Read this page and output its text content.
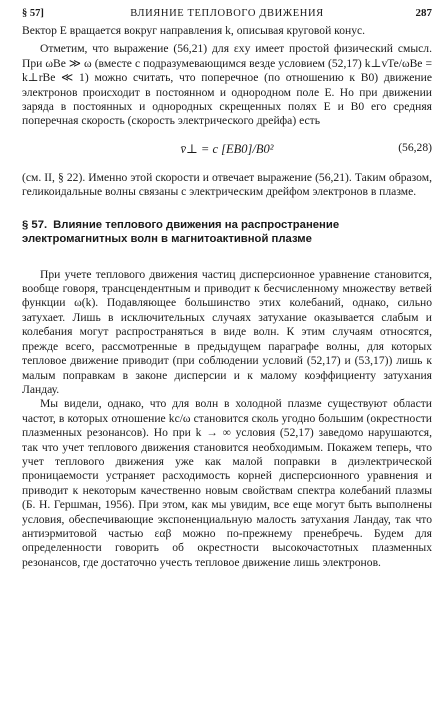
§ 57]	ВЛИЯНИЕ ТЕПЛОВОГО ДВИЖЕНИЯ	287

Вектор E вращается вокруг направления k, описывая круговой конус.

Отметим, что выражение (56,21) для εxy имеет простой физический смысл. При ωBe ≫ ω (вместе с подразумевающимся везде условием (52,17) k⊥vTe/ωBe = k⊥rBe ≪ 1) можно считать, что поперечное (по отношению к B0) движение электронов происходит в постоянном и однородном поле E. Но при движении заряда в постоянных и однородных скрещенных полях E и B0 его средняя поперечная скорость (скорость электрического дрейфа) есть

v̄⊥ = c [EB0]/B0²	(56,28)

(см. II, § 22). Именно этой скорости и отвечает выражение (56,21). Таким образом, геликоидальные волны связаны с электрическим дрейфом электронов в плазме.

§ 57. Влияние теплового движения на распространение электромагнитных волн в магнитоактивной плазме

При учете теплового движения частиц дисперсионное уравнение становится, вообще говоря, трансцендентным и приводит к бесчисленному множеству ветвей функции ω(k). Подавляющее большинство этих колебаний, однако, сильно затухает. Лишь в исключительных случаях затухание оказывается слабым и колебания могут распространяться в виде волн. К этим случаям относятся, прежде всего, рассмотренные в предыдущем параграфе волны, для которых тепловое движение приводит (при соблюдении условий (52,17) и (53,17)) лишь к малым поправкам в законе дисперсии и к малому коэффициенту затухания Ландау.

Мы видели, однако, что для волн в холодной плазме существуют области частот, в которых отношение kc/ω становится сколь угодно большим (окрестности плазменных резонансов). Но при k → ∞ условия (52,17) заведомо нарушаются, так что учет теплового движения становится необходимым. Покажем теперь, что учет теплового движения уже как малой поправки в диэлектрической проницаемости устраняет расходимость корней дисперсионного уравнения и приводит к некоторым качественно новым свойствам спектра колебаний плазмы (Б. Н. Гершман, 1956). При этом, как мы увидим, все еще могут быть выполнены условия, обеспечивающие экспоненциальную малость затухания Ландау, так что антиэрмитовой частью εαβ можно по-прежнему пренебречь. Будем для определенности говорить об окрестности высокочастотных плазменных резонансов, где достаточно учесть тепловое движение лишь электронов.
